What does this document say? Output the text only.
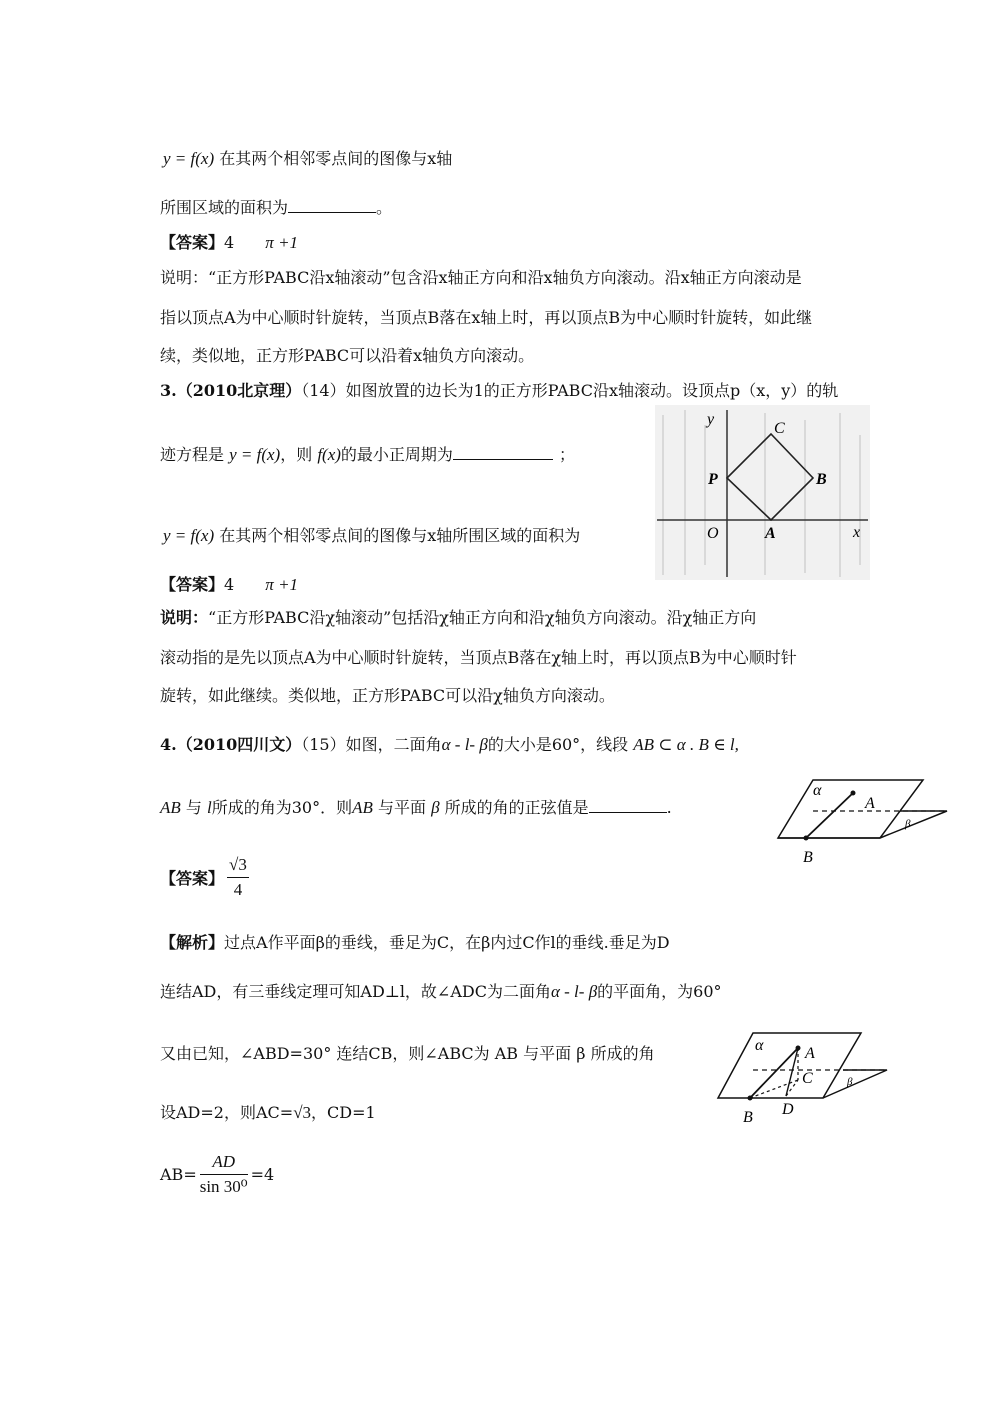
y = f(x) 在其两个相邻零点间的图像与x轴
所围区域的面积为	。
【答案】4 π +1
说明：“正方形PABC沿x轴滚动”包含沿x轴正方向和沿x轴负方向滚动。沿x轴正方向滚动是
指以顶点A为中心顺时针旋转，当顶点B落在x轴上时，再以顶点B为中心顺时针旋转，如此继
续，类似地，正方形PABC可以沿着x轴负方向滚动。
3.（2010北京理）（14）如图放置的边长为1的正方形PABC沿x轴滚动。设顶点p（x，y）的轨
迹方程是 y = f(x)，则 f(x)的最小正周期为	；
y = f(x) 在其两个相邻零点间的图像与x轴所围区域的面积为
【答案】4 π +1
说明：“正方形PABC沿χ轴滚动”包括沿χ轴正方向和沿χ轴负方向滚动。沿χ轴正方向
滚动指的是先以顶点A为中心顺时针旋转，当顶点B落在χ轴上时，再以顶点B为中心顺时针
旋转，如此继续。类似地，正方形PABC可以沿χ轴负方向滚动。
y
x
O
P
A
B
C
4.（2010四川文）（15）如图，二面角α - l- β的大小是60°，线段 AB ⊂ α . B ∈ l,
AB 与 l所成的角为30°．则AB 与平面 β 所成的角的正弦值是	.
【答案】 $\frac{√3}{4}$
【解析】过点A作平面β的垂线，垂足为C，在β内过C作l的垂线.垂足为D
连结AD，有三垂线定理可知AD⊥l，故∠ADC为二面角α - l- β的平面角，为60°
又由已知，∠ABD=30° 连结CB，则∠ABC为 AB 与平面 β 所成的角
设AD=2，则AC=√3，CD=1
$AB= \frac{AD}{\text{sin 30⁰}} =4$
α
β
A
B
α
β
A
C
D
B
